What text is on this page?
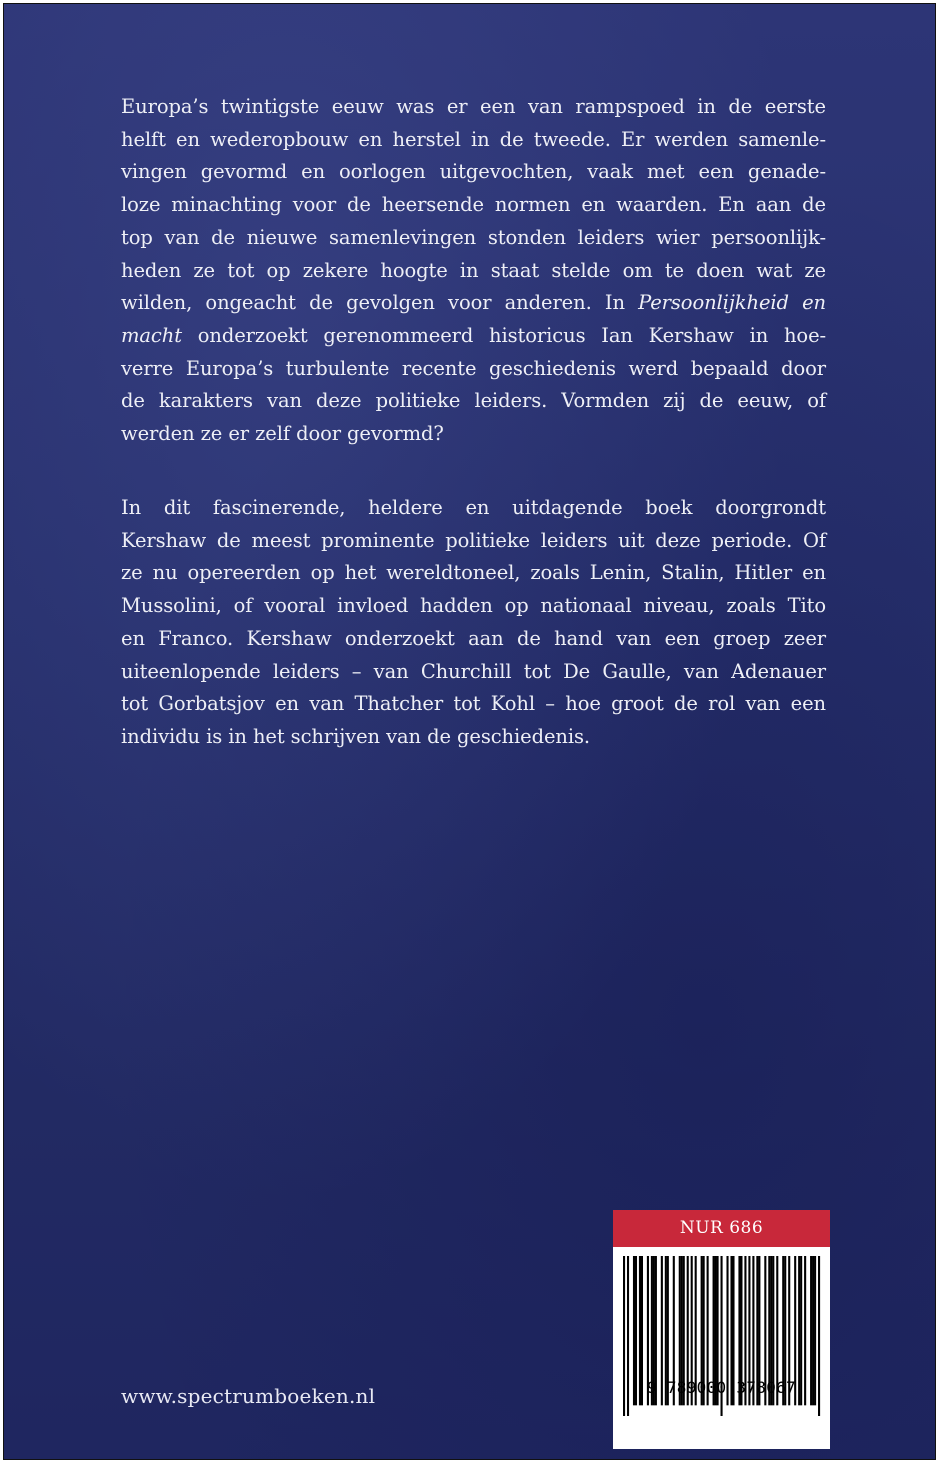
Europa’s twintigste eeuw was er een van rampspoed in de eerste
helft en wederopbouw en herstel in de tweede. Er werden samenle-
vingen gevormd en oorlogen uitgevochten, vaak met een genade-
loze minachting voor de heersende normen en waarden. En aan de
top van de nieuwe samenlevingen stonden leiders wier persoonlijk-
heden ze tot op zekere hoogte in staat stelde om te doen wat ze
wilden, ongeacht de gevolgen voor anderen. In Persoonlijkheid en
macht onderzoekt gerenommeerd historicus Ian Kershaw in hoe-
verre Europa’s turbulente recente geschiedenis werd bepaald door
de karakters van deze politieke leiders. Vormden zij de eeuw, of
werden ze er zelf door gevormd?

In dit fascinerende, heldere en uitdagende boek doorgrondt
Kershaw de meest prominente politieke leiders uit deze periode. Of
ze nu opereerden op het wereldtoneel, zoals Lenin, Stalin, Hitler en
Mussolini, of vooral invloed hadden op nationaal niveau, zoals Tito
en Franco. Kershaw onderzoekt aan de hand van een groep zeer
uiteenlopende leiders – van Churchill tot De Gaulle, van Adenauer
tot Gorbatsjov en van Thatcher tot Kohl – hoe groot de rol van een
individu is in het schrijven van de geschiedenis.

www.spectrumboeken.nl
NUR 686
9 789000 378067
